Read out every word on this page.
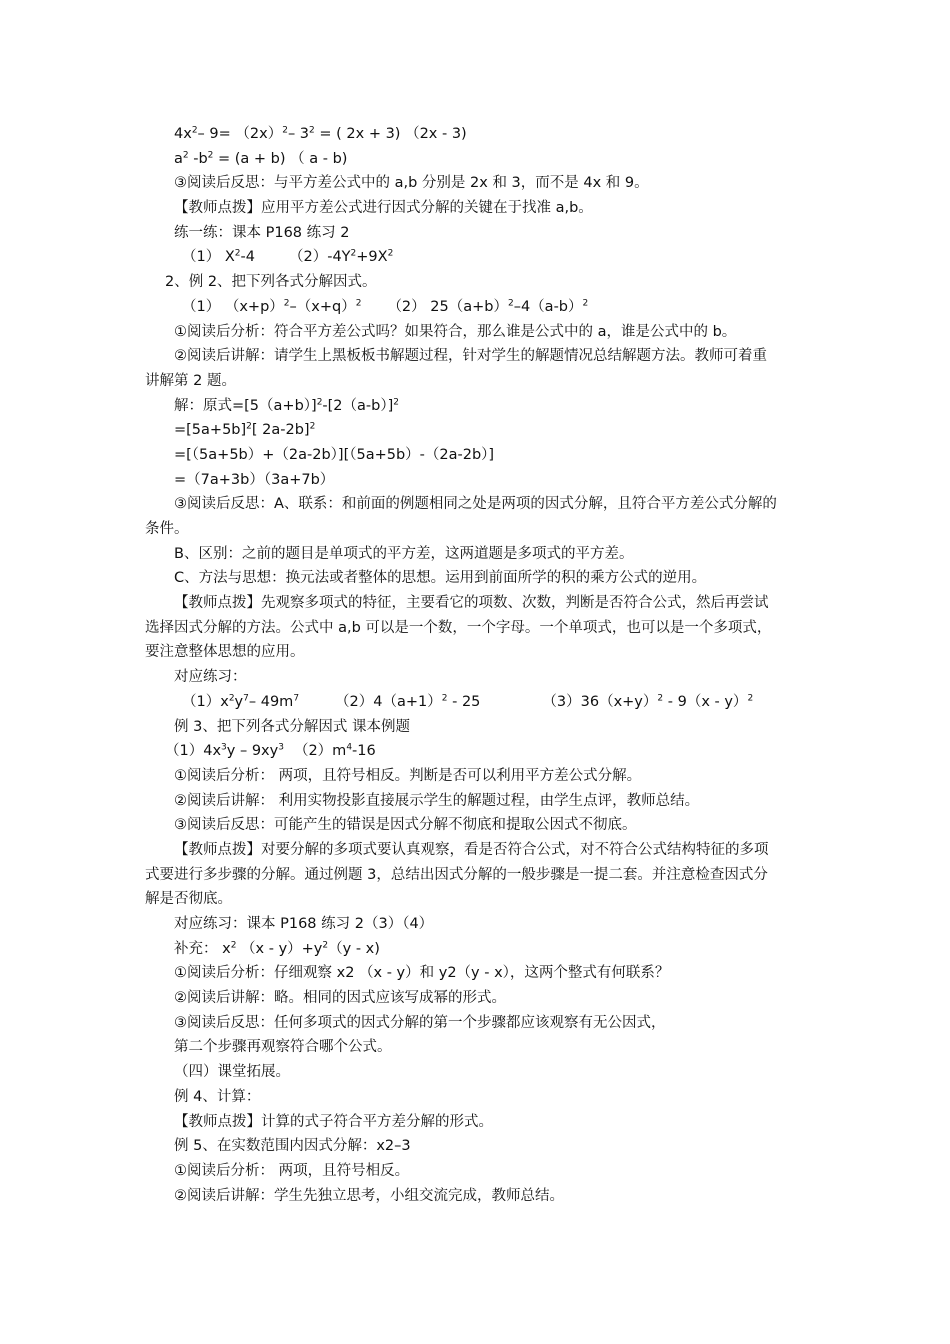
$4x^2-$ $9= (2x)^2-$ $3^2$ = ( 2x + 3) （2x - 3)
$a^2$ $-b^2 = (a + b)$ （ a - b)
③阅读后反思：与平方差公式中的 a,b 分别是 2x 和 3，而不是 4x 和 9。
【教师点拨】应用平方差公式进行因式分解的关键在于找准 a,b。
练一练：课本 P168 练习 2
（1） $X^2-4$ $(2)-4Y^2+9X^2$
2、例 2、把下列各式分解因式。
（1） $(x+p)^2-(x+q)^2$ （2） $25(a+b)^2-4(a-b)^2$
①阅读后分析：符合平方差公式吗？如果符合，那么谁是公式中的 a，谁是公式中的 b。
②阅读后讲解：请学生上黑板板书解题过程，针对学生的解题情况总结解题方法。教师可着重
讲解第 2 题。
解：原式$=[5(a+b)]^2-[2(a-b)]^2$
$=[5a+5b]^2$[ 2a-2b]$^2$
=[（5a+5b）+（2a-2b）][（5a+5b）-（2a-2b）]
=（7a+3b）（3a+7b）
③阅读后反思：A、联系：和前面的例题相同之处是两项的因式分解，且符合平方差公式分解的
条件。
B、区别：之前的题目是单项式的平方差，这两道题是多项式的平方差。
C、方法与思想：换元法或者整体的思想。运用到前面所学的积的乘方公式的逆用。
【教师点拨】先观察多项式的特征，主要看它的项数、次数，判断是否符合公式，然后再尝试
选择因式分解的方法。公式中 a,b 可以是一个数，一个字母。一个单项式，也可以是一个多项式，
要注意整体思想的应用。
对应练习：
$(1)x^2y^7-$ $49m^7$ $(2)4(a+1)^2 - 25$	$(3)36(x+y)^2 - 9(x - y)^2$
例 3、把下列各式分解因式 课本例题
$(1)4x^3y - 9xy^3$ $(2)m^4-16$
①阅读后分析： 两项，且符号相反。判断是否可以利用平方差公式分解。
②阅读后讲解： 利用实物投影直接展示学生的解题过程，由学生点评，教师总结。
③阅读后反思：可能产生的错误是因式分解不彻底和提取公因式不彻底。
【教师点拨】对要分解的多项式要认真观察，看是否符合公式，对不符合公式结构特征的多项
式要进行多步骤的分解。通过例题 3，总结出因式分解的一般步骤是一提二套。并注意检查因式分
解是否彻底。
对应练习：课本 P168 练习 2（3）（4）
补充： $x^2$ $(x - y)+y^2(y - x)$
①阅读后分析：仔细观察 x2 （x - y）和 y2（y - x），这两个整式有何联系？
②阅读后讲解：略。相同的因式应该写成幂的形式。
③阅读后反思：任何多项式的因式分解的第一个步骤都应该观察有无公因式，
第二个步骤再观察符合哪个公式。
（四）课堂拓展。
例 4、计算：
【教师点拨】计算的式子符合平方差分解的形式。
例 5、在实数范围内因式分解：x2–3
①阅读后分析： 两项，且符号相反。
②阅读后讲解：学生先独立思考，小组交流完成，教师总结。
